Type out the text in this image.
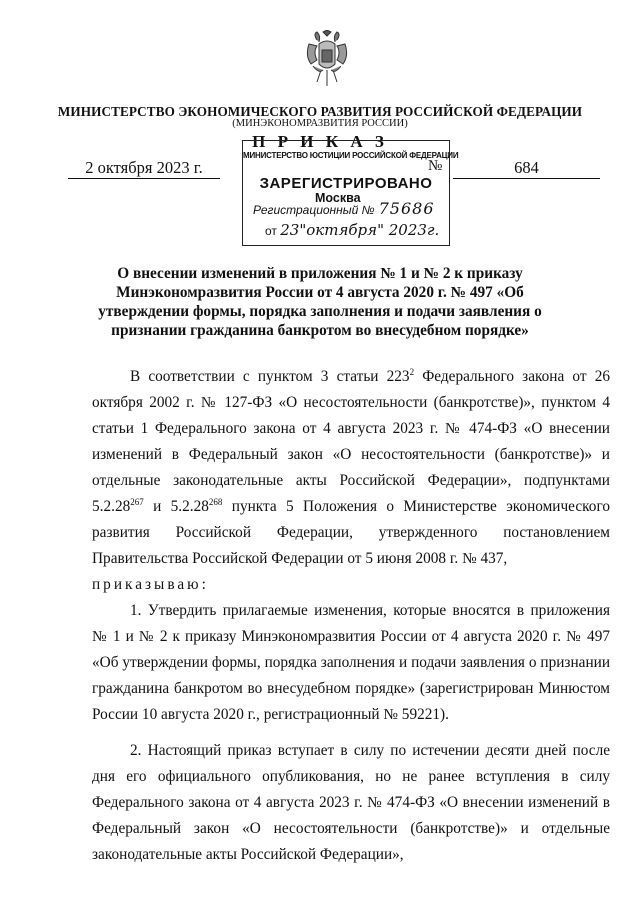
МИНИСТЕРСТВО ЭКОНОМИЧЕСКОГО РАЗВИТИЯ РОССИЙСКОЙ ФЕДЕРАЦИИ
(МИНЭКОНОМРАЗВИТИЯ РОССИИ)
П Р И К А З
2 октября 2023 г.	№	684
МИНИСТЕРСТВО ЮСТИЦИИ РОССИЙСКОЙ ФЕДЕРАЦИИ
ЗАРЕГИСТРИРОВАНО
Москва
Регистрационный № 75686
от 23"октября" 2023г.
О внесении изменений в приложения № 1 и № 2 к приказу Минэкономразвития России от 4 августа 2020 г. № 497 «Об утверждении формы, порядка заполнения и подачи заявления о признании гражданина банкротом во внесудебном порядке»

В соответствии с пунктом 3 статьи $223^2$ Федерального закона от 26 октября 2002 г. № 127-ФЗ «О несостоятельности (банкротстве)», пунктом 4 статьи 1 Федерального закона от 4 августа 2023 г. № 474-ФЗ «О внесении изменений в Федеральный закон «О несостоятельности (банкротстве)» и отдельные законодательные акты Российской Федерации», подпунктами 5.2.28$^{267}$ и 5.2.28$^{268}$ пункта 5 Положения о Министерстве экономического развития Российской Федерации, утвержденного постановлением Правительства Российской Федерации от 5 июня 2008 г. № 437,

приказываю:

1. Утвердить прилагаемые изменения, которые вносятся в приложения № 1 и № 2 к приказу Минэкономразвития России от 4 августа 2020 г. № 497 «Об утверждении формы, порядка заполнения и подачи заявления о признании гражданина банкротом во внесудебном порядке» (зарегистрирован Минюстом России 10 августа 2020 г., регистрационный № 59221).

2. Настоящий приказ вступает в силу по истечении десяти дней после дня его официального опубликования, но не ранее вступления в силу Федерального закона от 4 августа 2023 г. № 474-ФЗ «О внесении изменений в Федеральный закон «О несостоятельности (банкротстве)» и отдельные законодательные акты Российской Федерации»,
